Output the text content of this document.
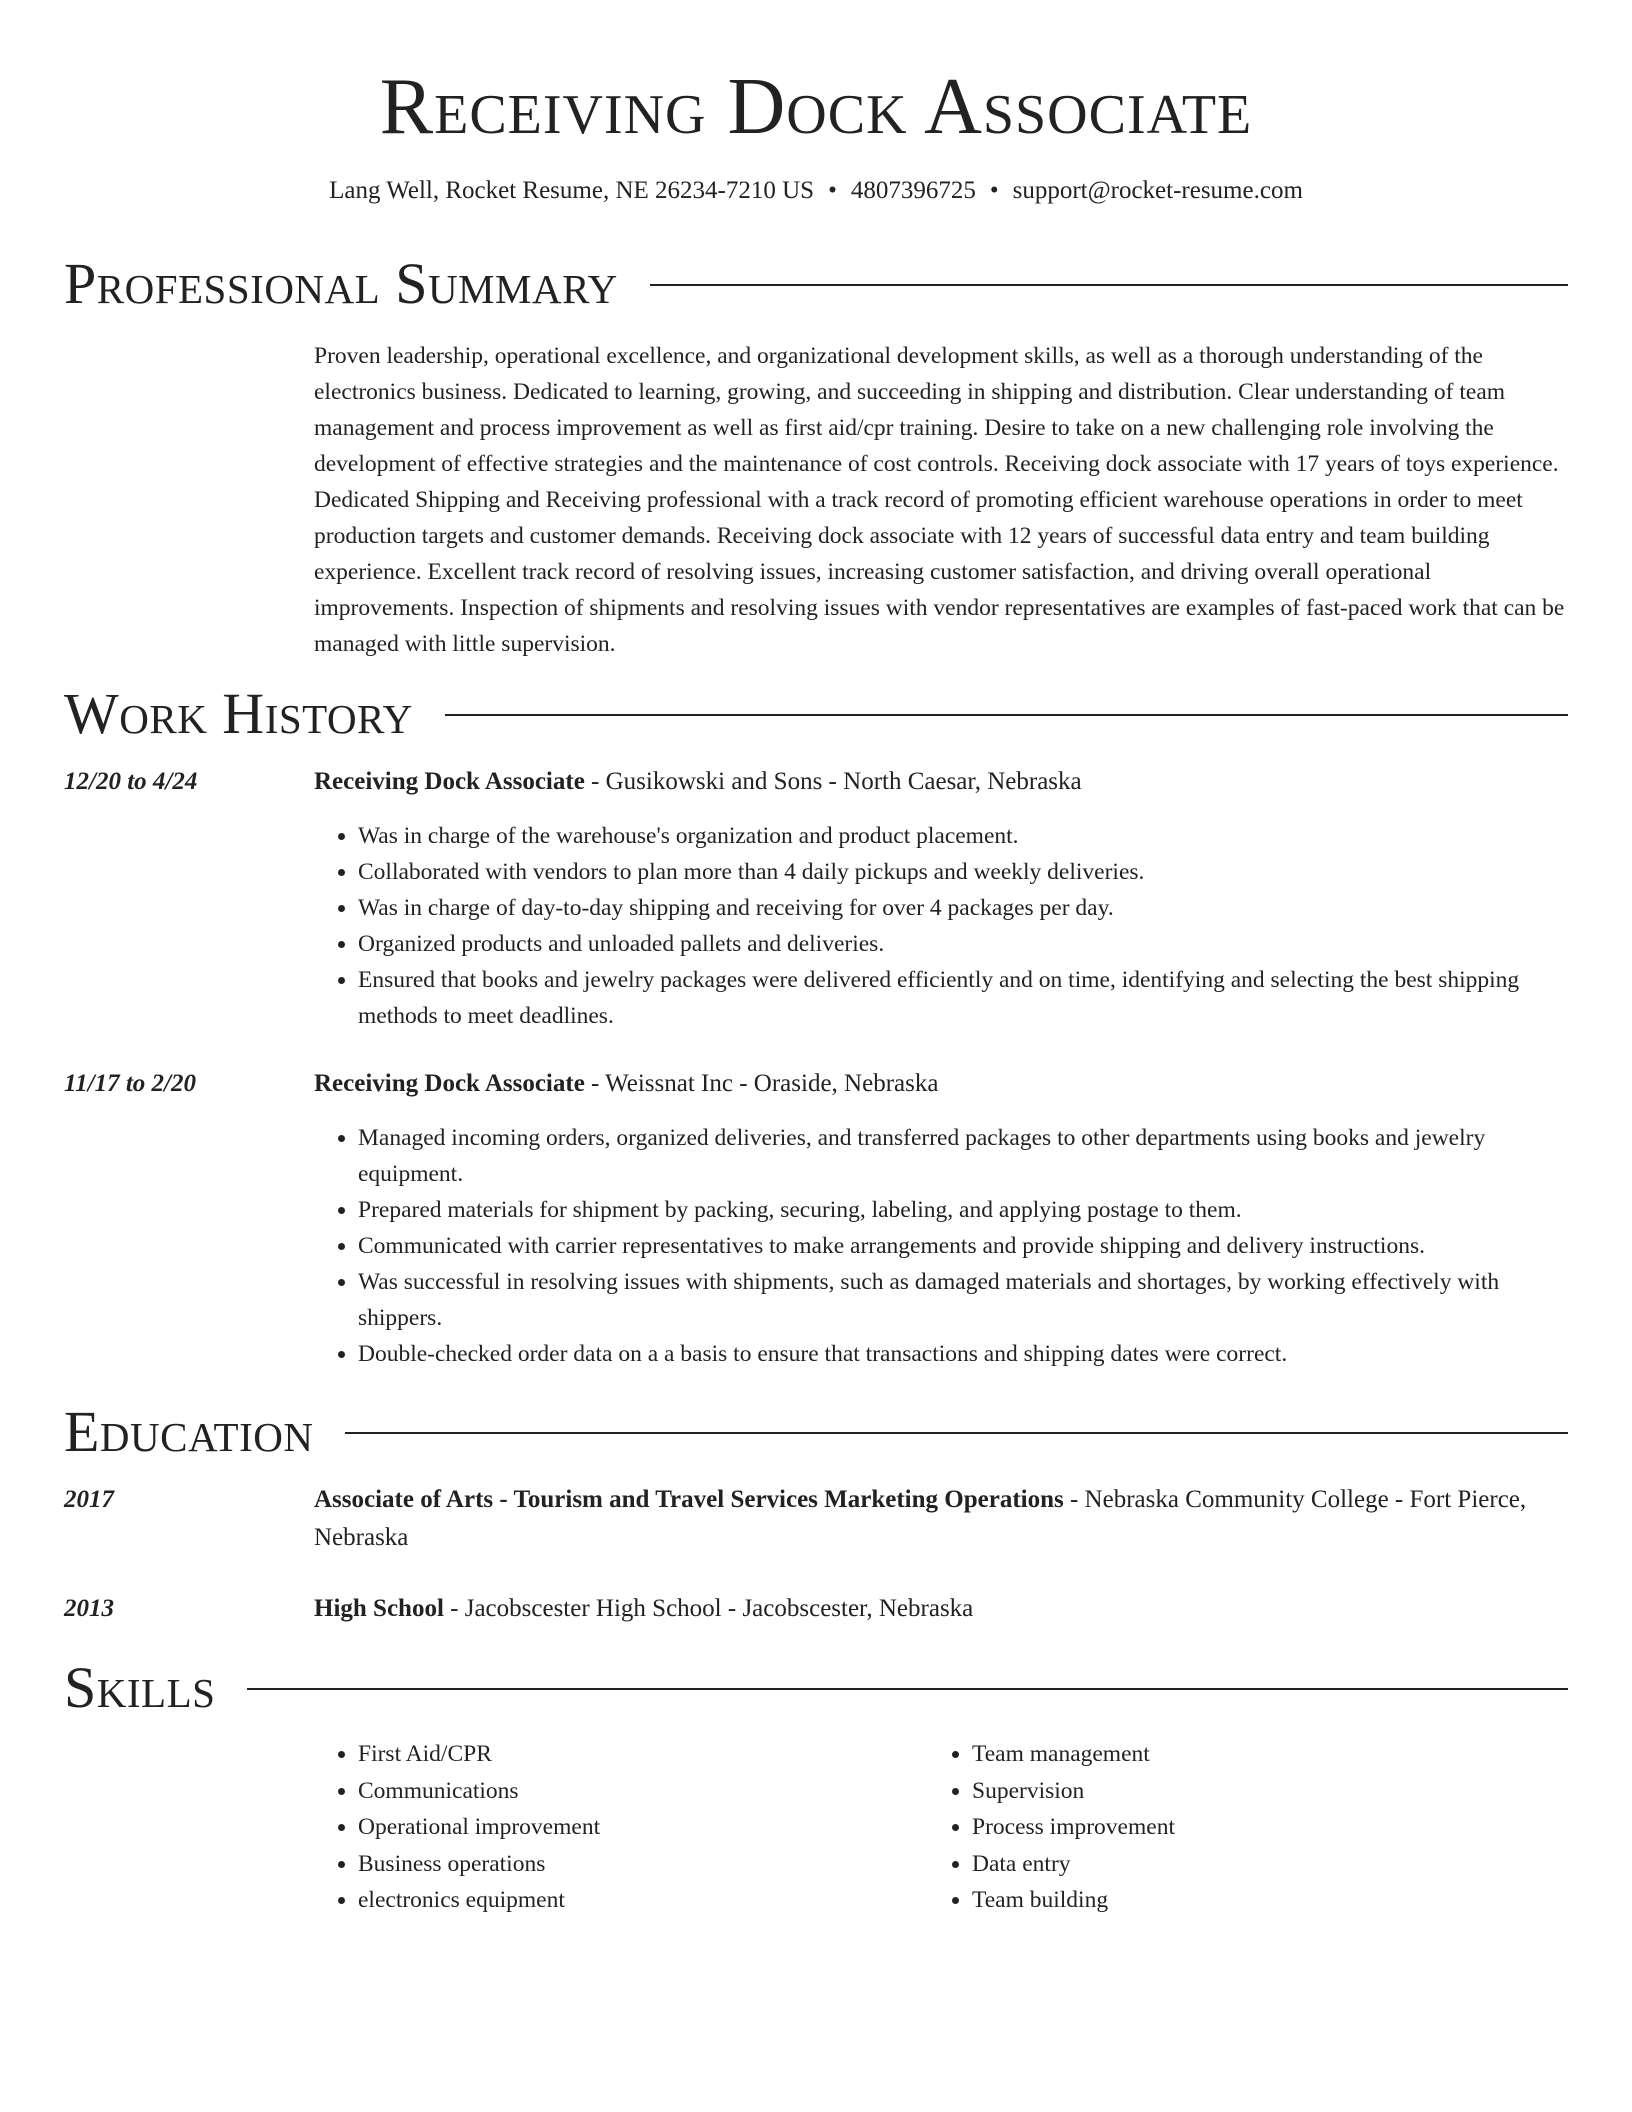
Receiving Dock Associate
Lang Well, Rocket Resume, NE 26234-7210 US • 4807396725 • support@rocket-resume.com
Professional Summary

Proven leadership, operational excellence, and organizational development skills, as well as a thorough understanding of the electronics business. Dedicated to learning, growing, and succeeding in shipping and distribution. Clear understanding of team management and process improvement as well as first aid/cpr training. Desire to take on a new challenging role involving the development of effective strategies and the maintenance of cost controls. Receiving dock associate with 17 years of toys experience. Dedicated Shipping and Receiving professional with a track record of promoting efficient warehouse operations in order to meet production targets and customer demands. Receiving dock associate with 12 years of successful data entry and team building experience. Excellent track record of resolving issues, increasing customer satisfaction, and driving overall operational improvements. Inspection of shipments and resolving issues with vendor representatives are examples of fast-paced work that can be managed with little supervision.

Work History
12/20 to 4/24	Receiving Dock Associate - Gusikowski and Sons - North Caesar, Nebraska
• Was in charge of the warehouse's organization and product placement.
• Collaborated with vendors to plan more than 4 daily pickups and weekly deliveries.
• Was in charge of day-to-day shipping and receiving for over 4 packages per day.
• Organized products and unloaded pallets and deliveries.
• Ensured that books and jewelry packages were delivered efficiently and on time, identifying and selecting the best shipping methods to meet deadlines.
11/17 to 2/20	Receiving Dock Associate - Weissnat Inc - Oraside, Nebraska
• Managed incoming orders, organized deliveries, and transferred packages to other departments using books and jewelry equipment.
• Prepared materials for shipment by packing, securing, labeling, and applying postage to them.
• Communicated with carrier representatives to make arrangements and provide shipping and delivery instructions.
• Was successful in resolving issues with shipments, such as damaged materials and shortages, by working effectively with shippers.
• Double-checked order data on a a basis to ensure that transactions and shipping dates were correct.
Education
2017	Associate of Arts - Tourism and Travel Services Marketing Operations - Nebraska Community College - Fort Pierce, Nebraska
2013	High School - Jacobscester High School - Jacobscester, Nebraska
Skills
• First Aid/CPR
• Communications
• Operational improvement
• Business operations
• electronics equipment
• Team management
• Supervision
• Process improvement
• Data entry
• Team building
